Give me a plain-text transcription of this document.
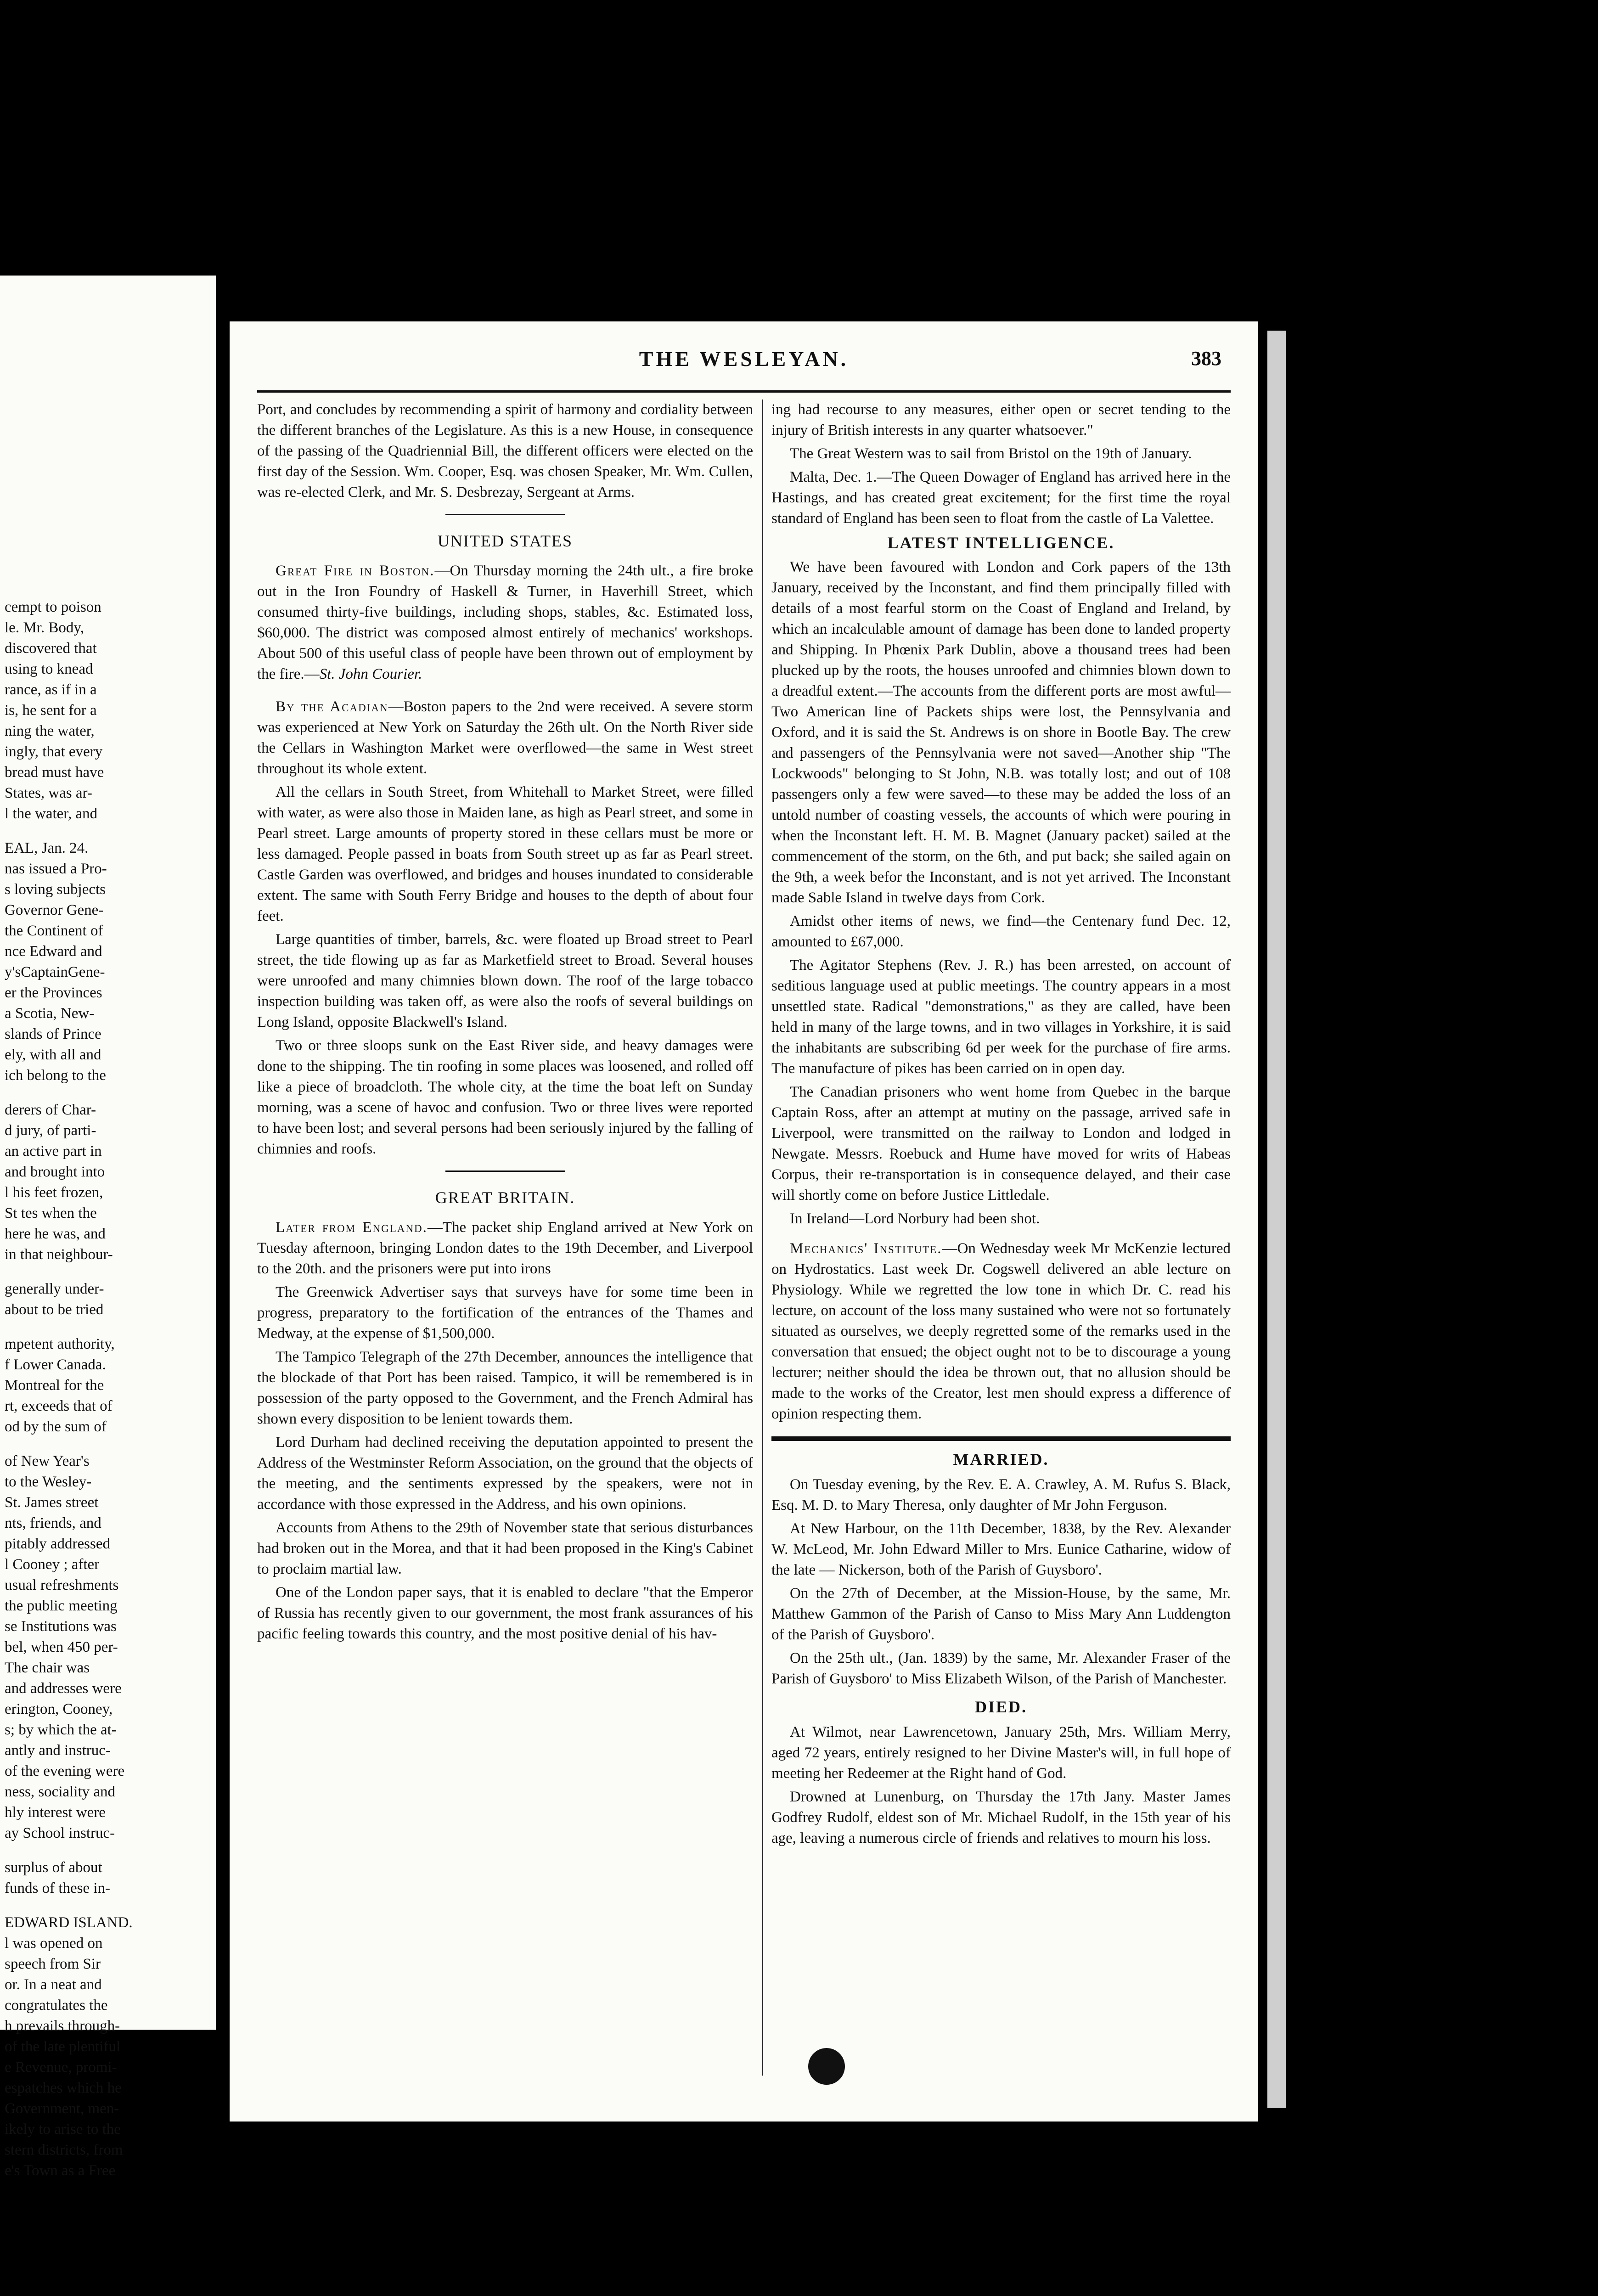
cempt to poison
le. Mr. Body,
discovered that
using to knead
rance, as if in a
is, he sent for a
ning the water,
ingly, that every
bread must have
States, was ar-
l the water, and
EAL, Jan. 24.
nas issued a Pro-
s loving subjects
Governor Gene-
the Continent of
nce Edward and
y'sCaptainGene-
er the Provinces
a Scotia, New-
slands of Prince
ely, with all and
ich belong to the
derers of Char-
d jury, of parti-
an active part in
and brought into
l his feet frozen,
St tes when the
here he was, and
in that neighbour-
generally under-
about to be tried
mpetent authority,
f Lower Canada.
Montreal for the
rt, exceeds that of
od by the sum of
of New Year's
to the Wesley-
St. James street
nts, friends, and
pitably addressed
l Cooney ; after
usual refreshments
the public meeting
se Institutions was
bel, when 450 per-
The chair was
and addresses were
erington, Cooney,
s; by which the at-
antly and instruc-
of the evening were
ness, sociality and
hly interest were
ay School instruc-
surplus of about
funds of these in-
EDWARD ISLAND.
l was opened on
speech from Sir
or. In a neat and
congratulates the
h prevails through-
of the late plentiful
e Revenue, promi-
espatches which he
Government, men-
ikely to arise to the
stern districts, from
e's Town as a Free
THE WESLEYAN.	383

Port, and concludes by recommending a spirit of harmony and cordiality between the different branches of the Legislature. As this is a new House, in consequence of the passing of the Quadriennial Bill, the different officers were elected on the first day of the Session. Wm. Cooper, Esq. was chosen Speaker, Mr. Wm. Cullen, was re-elected Clerk, and Mr. S. Desbrezay, Sergeant at Arms.

UNITED STATES

Great Fire in Boston.—On Thursday morning the 24th ult., a fire broke out in the Iron Foundry of Haskell & Turner, in Haverhill Street, which consumed thirty-five buildings, including shops, stables, &c. Estimated loss, $60,000. The district was composed almost entirely of mechanics' workshops. About 500 of this useful class of people have been thrown out of employment by the fire.—St. John Courier.

By the Acadian—Boston papers to the 2nd were received. A severe storm was experienced at New York on Saturday the 26th ult. On the North River side the Cellars in Washington Market were overflowed—the same in West street throughout its whole extent.

All the cellars in South Street, from Whitehall to Market Street, were filled with water, as were also those in Maiden lane, as high as Pearl street, and some in Pearl street. Large amounts of property stored in these cellars must be more or less damaged. People passed in boats from South street up as far as Pearl street. Castle Garden was overflowed, and bridges and houses inundated to considerable extent. The same with South Ferry Bridge and houses to the depth of about four feet.

Large quantities of timber, barrels, &c. were floated up Broad street to Pearl street, the tide flowing up as far as Marketfield street to Broad. Several houses were unroofed and many chimnies blown down. The roof of the large tobacco inspection building was taken off, as were also the roofs of several buildings on Long Island, opposite Blackwell's Island.

Two or three sloops sunk on the East River side, and heavy damages were done to the shipping. The tin roofing in some places was loosened, and rolled off like a piece of broadcloth. The whole city, at the time the boat left on Sunday morning, was a scene of havoc and confusion. Two or three lives were reported to have been lost; and several persons had been seriously injured by the falling of chimnies and roofs.

GREAT BRITAIN.

Later from England.—The packet ship England arrived at New York on Tuesday afternoon, bringing London dates to the 19th December, and Liverpool to the 20th. and the prisoners were put into irons

The Greenwick Advertiser says that surveys have for some time been in progress, preparatory to the fortification of the entrances of the Thames and Medway, at the expense of $1,500,000.

The Tampico Telegraph of the 27th December, announces the intelligence that the blockade of that Port has been raised. Tampico, it will be remembered is in possession of the party opposed to the Government, and the French Admiral has shown every disposition to be lenient towards them.

Lord Durham had declined receiving the deputation appointed to present the Address of the Westminster Reform Association, on the ground that the objects of the meeting, and the sentiments expressed by the speakers, were not in accordance with those expressed in the Address, and his own opinions.

Accounts from Athens to the 29th of November state that serious disturbances had broken out in the Morea, and that it had been proposed in the King's Cabinet to proclaim martial law.

One of the London paper says, that it is enabled to declare "that the Emperor of Russia has recently given to our government, the most frank assurances of his pacific feeling towards this country, and the most positive denial of his hav-

ing had recourse to any measures, either open or secret tending to the injury of British interests in any quarter whatsoever."

The Great Western was to sail from Bristol on the 19th of January.

Malta, Dec. 1.—The Queen Dowager of England has arrived here in the Hastings, and has created great excitement; for the first time the royal standard of England has been seen to float from the castle of La Valettee.

LATEST INTELLIGENCE.

We have been favoured with London and Cork papers of the 13th January, received by the Inconstant, and find them principally filled with details of a most fearful storm on the Coast of England and Ireland, by which an incalculable amount of damage has been done to landed property and Shipping. In Phœnix Park Dublin, above a thousand trees had been plucked up by the roots, the houses unroofed and chimnies blown down to a dreadful extent.—The accounts from the different ports are most awful—Two American line of Packets ships were lost, the Pennsylvania and Oxford, and it is said the St. Andrews is on shore in Bootle Bay. The crew and passengers of the Pennsylvania were not saved—Another ship "The Lockwoods" belonging to St John, N.B. was totally lost; and out of 108 passengers only a few were saved—to these may be added the loss of an untold number of coasting vessels, the accounts of which were pouring in when the Inconstant left. H. M. B. Magnet (January packet) sailed at the commencement of the storm, on the 6th, and put back; she sailed again on the 9th, a week befor the Inconstant, and is not yet arrived. The Inconstant made Sable Island in twelve days from Cork.

Amidst other items of news, we find—the Centenary fund Dec. 12, amounted to £67,000.

The Agitator Stephens (Rev. J. R.) has been arrested, on account of seditious language used at public meetings. The country appears in a most unsettled state. Radical "demonstrations," as they are called, have been held in many of the large towns, and in two villages in Yorkshire, it is said the inhabitants are subscribing 6d per week for the purchase of fire arms. The manufacture of pikes has been carried on in open day.

The Canadian prisoners who went home from Quebec in the barque Captain Ross, after an attempt at mutiny on the passage, arrived safe in Liverpool, were transmitted on the railway to London and lodged in Newgate. Messrs. Roebuck and Hume have moved for writs of Habeas Corpus, their re-transportation is in consequence delayed, and their case will shortly come on before Justice Littledale.

In Ireland—Lord Norbury had been shot.

Mechanics' Institute.—On Wednesday week Mr McKenzie lectured on Hydrostatics. Last week Dr. Cogswell delivered an able lecture on Physiology. While we regretted the low tone in which Dr. C. read his lecture, on account of the loss many sustained who were not so fortunately situated as ourselves, we deeply regretted some of the remarks used in the conversation that ensued; the object ought not to be to discourage a young lecturer; neither should the idea be thrown out, that no allusion should be made to the works of the Creator, lest men should express a difference of opinion respecting them.

MARRIED.

On Tuesday evening, by the Rev. E. A. Crawley, A. M. Rufus S. Black, Esq. M. D. to Mary Theresa, only daughter of Mr John Ferguson.

At New Harbour, on the 11th December, 1838, by the Rev. Alexander W. McLeod, Mr. John Edward Miller to Mrs. Eunice Catharine, widow of the late — Nickerson, both of the Parish of Guysboro'.

On the 27th of December, at the Mission-House, by the same, Mr. Matthew Gammon of the Parish of Canso to Miss Mary Ann Luddengton of the Parish of Guysboro'.

On the 25th ult., (Jan. 1839) by the same, Mr. Alexander Fraser of the Parish of Guysboro' to Miss Elizabeth Wilson, of the Parish of Manchester.

DIED.

At Wilmot, near Lawrencetown, January 25th, Mrs. William Merry, aged 72 years, entirely resigned to her Divine Master's will, in full hope of meeting her Redeemer at the Right hand of God.

Drowned at Lunenburg, on Thursday the 17th Jany. Master James Godfrey Rudolf, eldest son of Mr. Michael Rudolf, in the 15th year of his age, leaving a numerous circle of friends and relatives to mourn his loss.
